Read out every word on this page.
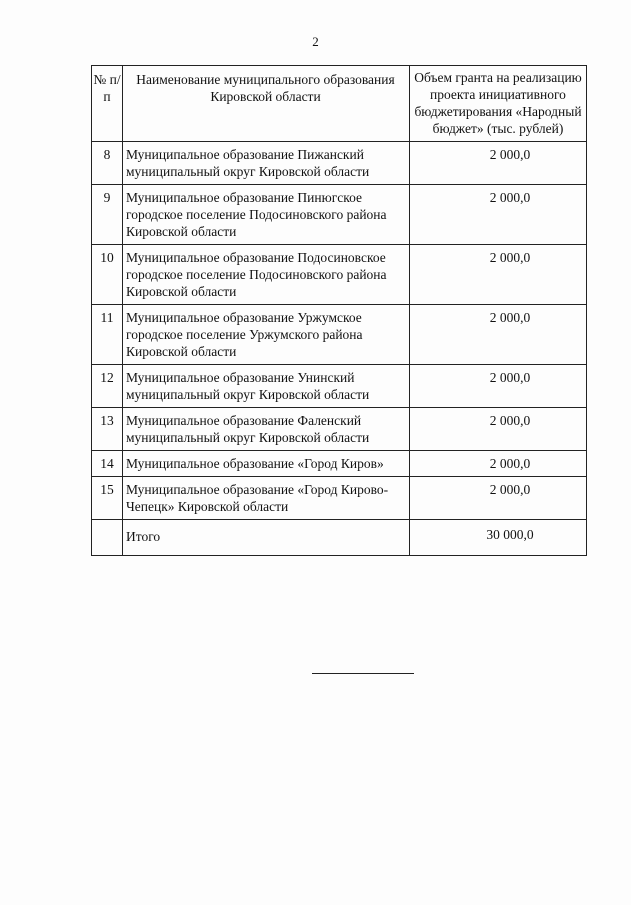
2
№ п/п	Наименование муниципального образования Кировской области	Объем гранта на реализацию проекта инициативного бюджетирования «Народный бюджет» (тыс. рублей)
8	Муниципальное образование Пижанский муниципальный округ Кировской области	2 000,0

9	Муниципальное образование Пинюгское городское поселение Подосиновского района Кировской области	2 000,0

10	Муниципальное образование Подосиновское городское поселение Подосиновского района Кировской области	2 000,0

11	Муниципальное образование Уржумское городское поселение Уржумского района Кировской области	2 000,0

12	Муниципальное образование Унинский муниципальный округ Кировской области	2 000,0

13	Муниципальное образование Фаленский муниципальный округ Кировской области	2 000,0

14	Муниципальное образование «Город Киров»	2 000,0

15	Муниципальное образование «Город Кирово-Чепецк» Кировской области	2 000,0

	Итого	30 000,0
